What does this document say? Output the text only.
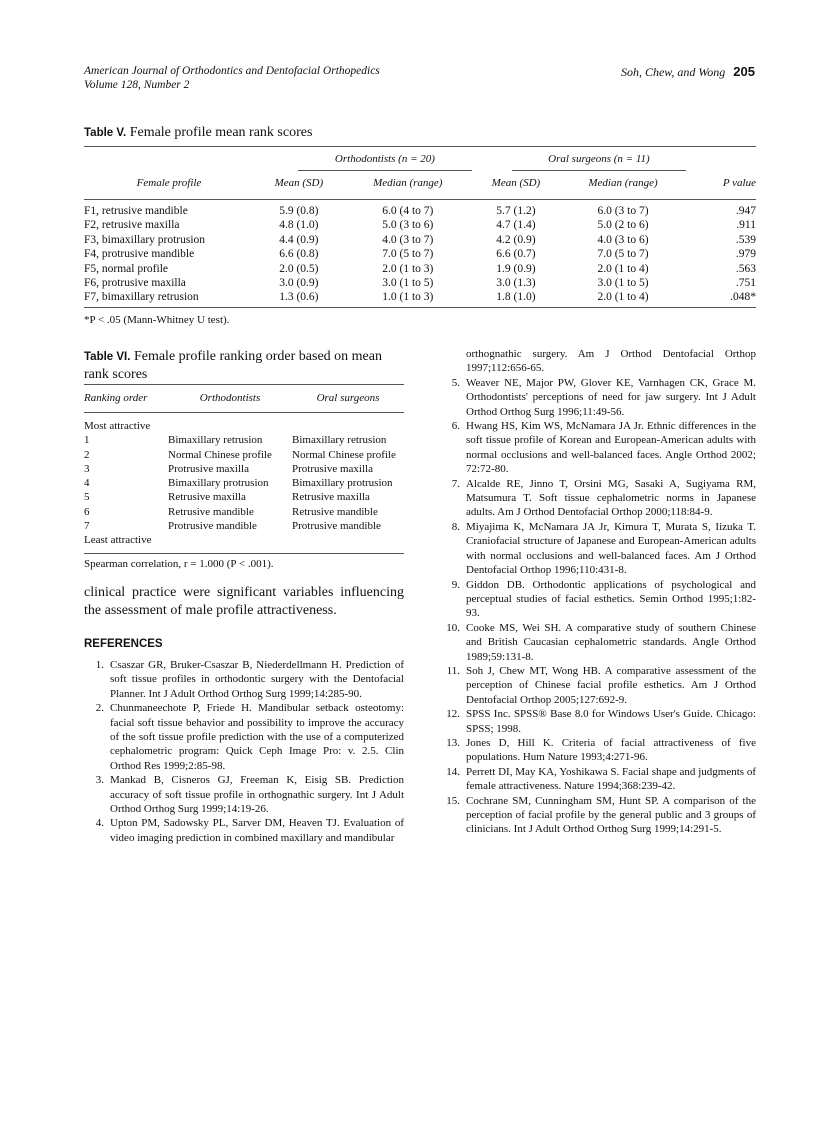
American Journal of Orthodontics and Dentofacial Orthopedics
Volume 128, Number 2
Soh, Chew, and Wong 205
Table V. Female profile mean rank scores

	Orthodontists (n = 20)		Oral surgeons (n = 11)		

Female profile	Mean (SD)	Median (range)	Mean (SD)	Median (range)	P value
F1, retrusive mandible	5.9 (0.8)	6.0 (4 to 7)	5.7 (1.2)	6.0 (3 to 7)	.947
F2, retrusive maxilla	4.8 (1.0)	5.0 (3 to 6)	4.7 (1.4)	5.0 (2 to 6)	.911
F3, bimaxillary protrusion	4.4 (0.9)	4.0 (3 to 7)	4.2 (0.9)	4.0 (3 to 6)	.539
F4, protrusive mandible	6.6 (0.8)	7.0 (5 to 7)	6.6 (0.7)	7.0 (5 to 7)	.979
F5, normal profile	2.0 (0.5)	2.0 (1 to 3)	1.9 (0.9)	2.0 (1 to 4)	.563
F6, protrusive maxilla	3.0 (0.9)	3.0 (1 to 5)	3.0 (1.3)	3.0 (1 to 5)	.751
F7, bimaxillary retrusion	1.3 (0.6)	1.0 (1 to 3)	1.8 (1.0)	2.0 (1 to 4)	.048*
*P < .05 (Mann-Whitney U test).
Table VI. Female profile ranking order based on mean rank scores
Ranking order	Orthodontists	Oral surgeons
Most attractive
1	Bimaxillary retrusion	Bimaxillary retrusion
2	Normal Chinese profile	Normal Chinese profile
3	Protrusive maxilla	Protrusive maxilla
4	Bimaxillary protrusion	Bimaxillary protrusion
5	Retrusive maxilla	Retrusive maxilla
6	Retrusive mandible	Retrusive mandible
7	Protrusive mandible	Protrusive mandible
Least attractive
Spearman correlation, r = 1.000 (P < .001).
clinical practice were significant variables influencing the assessment of male profile attractiveness.
REFERENCES
1. Csaszar GR, Bruker-Csaszar B, Niederdellmann H. Prediction of soft tissue profiles in orthodontic surgery with the Dentofacial Planner. Int J Adult Orthod Orthog Surg 1999;14:285-90.
2. Chunmaneechote P, Friede H. Mandibular setback osteotomy: facial soft tissue behavior and possibility to improve the accuracy of the soft tissue profile prediction with the use of a computerized cephalometric program: Quick Ceph Image Pro: v. 2.5. Clin Orthod Res 1999;2:85-98.
3. Mankad B, Cisneros GJ, Freeman K, Eisig SB. Prediction accuracy of soft tissue profile in orthognathic surgery. Int J Adult Orthod Orthog Surg 1999;14:19-26.
4. Upton PM, Sadowsky PL, Sarver DM, Heaven TJ. Evaluation of video imaging prediction in combined maxillary and mandibular
orthognathic surgery. Am J Orthod Dentofacial Orthop 1997;112:656-65.
5. Weaver NE, Major PW, Glover KE, Varnhagen CK, Grace M. Orthodontists' perceptions of need for jaw surgery. Int J Adult Orthod Orthog Surg 1996;11:49-56.
6. Hwang HS, Kim WS, McNamara JA Jr. Ethnic differences in the soft tissue profile of Korean and European-American adults with normal occlusions and well-balanced faces. Angle Orthod 2002; 72:72-80.
7. Alcalde RE, Jinno T, Orsini MG, Sasaki A, Sugiyama RM, Matsumura T. Soft tissue cephalometric norms in Japanese adults. Am J Orthod Dentofacial Orthop 2000;118:84-9.
8. Miyajima K, McNamara JA Jr, Kimura T, Murata S, Iizuka T. Craniofacial structure of Japanese and European-American adults with normal occlusions and well-balanced faces. Am J Orthod Dentofacial Orthop 1996;110:431-8.
9. Giddon DB. Orthodontic applications of psychological and perceptual studies of facial esthetics. Semin Orthod 1995;1:82-93.
10. Cooke MS, Wei SH. A comparative study of southern Chinese and British Caucasian cephalometric standards. Angle Orthod 1989;59:131-8.
11. Soh J, Chew MT, Wong HB. A comparative assessment of the perception of Chinese facial profile esthetics. Am J Orthod Dentofacial Orthop 2005;127:692-9.
12. SPSS Inc. SPSS® Base 8.0 for Windows User's Guide. Chicago: SPSS; 1998.
13. Jones D, Hill K. Criteria of facial attractiveness of five populations. Hum Nature 1993;4:271-96.
14. Perrett DI, May KA, Yoshikawa S. Facial shape and judgments of female attractiveness. Nature 1994;368:239-42.
15. Cochrane SM, Cunningham SM, Hunt SP. A comparison of the perception of facial profile by the general public and 3 groups of clinicians. Int J Adult Orthod Orthog Surg 1999;14:291-5.
